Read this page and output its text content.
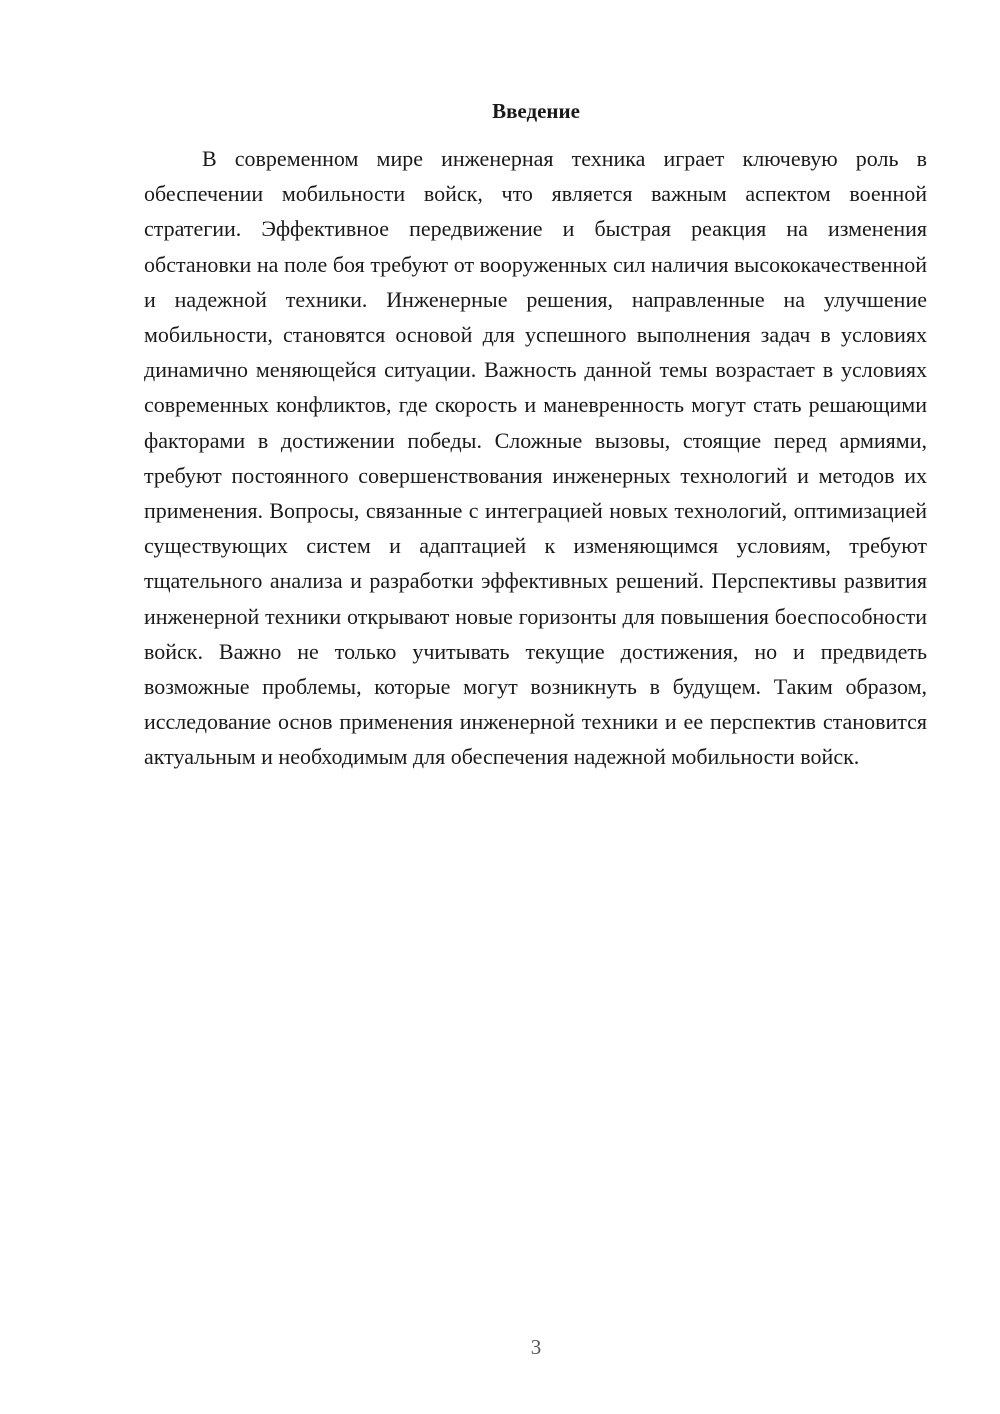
Введение

В современном мире инженерная техника играет ключевую роль в обеспечении мобильности войск, что является важным аспектом военной стратегии. Эффективное передвижение и быстрая реакция на изменения обстановки на поле боя требуют от вооруженных сил наличия высококачественной и надежной техники. Инженерные решения, направленные на улучшение мобильности, становятся основой для успешного выполнения задач в условиях динамично меняющейся ситуации. Важность данной темы возрастает в условиях современных конфликтов, где скорость и маневренность могут стать решающими факторами в достижении победы. Сложные вызовы, стоящие перед армиями, требуют постоянного совершенствования инженерных технологий и методов их применения. Вопросы, связанные с интеграцией новых технологий, оптимизацией существующих систем и адаптацией к изменяющимся условиям, требуют тщательного анализа и разработки эффективных решений. Перспективы развития инженерной техники открывают новые горизонты для повышения боеспособности войск. Важно не только учитывать текущие достижения, но и предвидеть возможные проблемы, которые могут возникнуть в будущем. Таким образом, исследование основ применения инженерной техники и ее перспектив становится актуальным и необходимым для обеспечения надежной мобильности войск.

3
